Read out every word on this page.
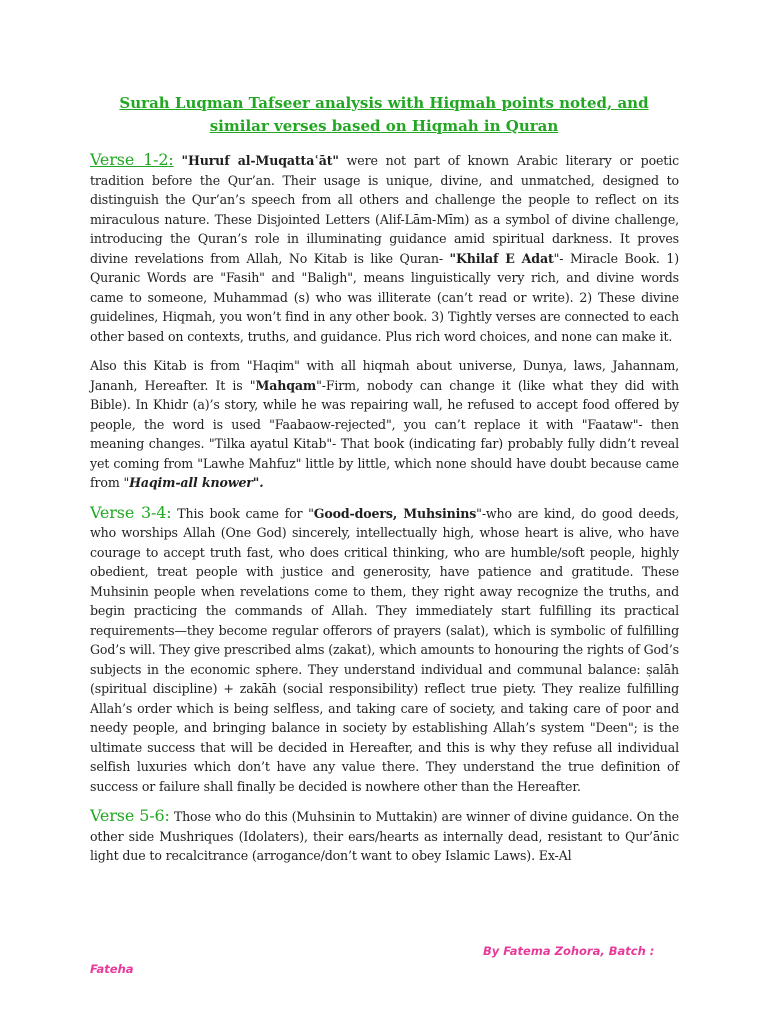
Surah Luqman Tafseer analysis with Hiqmah points noted, and similar verses based on Hiqmah in Quran

Verse 1-2: "Huruf al-Muqattaʿāt" were not part of known Arabic literary or poetic tradition before the Qur’an. Their usage is unique, divine, and unmatched, designed to distinguish the Qur’an’s speech from all others and challenge the people to reflect on its miraculous nature. These Disjointed Letters (Alif-Lām-Mīm) as a symbol of divine challenge, introducing the Quran’s role in illuminating guidance amid spiritual darkness. It proves divine revelations from Allah, No Kitab is like Quran- "Khilaf E Adat"- Miracle Book. 1) Quranic Words are "Fasih" and "Baligh", means linguistically very rich, and divine words came to someone, Muhammad (s) who was illiterate (can’t read or write). 2) These divine guidelines, Hiqmah, you won’t find in any other book. 3) Tightly verses are connected to each other based on contexts, truths, and guidance. Plus rich word choices, and none can make it.

Also this Kitab is from "Haqim" with all hiqmah about universe, Dunya, laws, Jahannam, Jananh, Hereafter. It is "Mahqam"-Firm, nobody can change it (like what they did with Bible). In Khidr (a)’s story, while he was repairing wall, he refused to accept food offered by people, the word is used "Faabaow-rejected", you can’t replace it with "Faataw"- then meaning changes. "Tilka ayatul Kitab"- That book (indicating far) probably fully didn’t reveal yet coming from "Lawhe Mahfuz" little by little, which none should have doubt because came from "Haqim-all knower".

Verse 3-4: This book came for "Good-doers, Muhsinins"-who are kind, do good deeds, who worships Allah (One God) sincerely, intellectually high, whose heart is alive, who have courage to accept truth fast, who does critical thinking, who are humble/soft people, highly obedient, treat people with justice and generosity, have patience and gratitude. These Muhsinin people when revelations come to them, they right away recognize the truths, and begin practicing the commands of Allah. They immediately start fulfilling its practical requirements—they become regular offerors of prayers (salat), which is symbolic of fulfilling God’s will. They give prescribed alms (zakat), which amounts to honouring the rights of God’s subjects in the economic sphere. They understand individual and communal balance: ṣalāh (spiritual discipline) + zakāh (social responsibility) reflect true piety. They realize fulfilling Allah’s order which is being selfless, and taking care of society, and taking care of poor and needy people, and bringing balance in society by establishing Allah’s system "Deen"; is the ultimate success that will be decided in Hereafter, and this is why they refuse all individual selfish luxuries which don’t have any value there. They understand the true definition of success or failure shall finally be decided is nowhere other than the Hereafter.

Verse 5-6: Those who do this (Muhsinin to Muttakin) are winner of divine guidance. On the other side Mushriques (Idolaters), their ears/hearts as internally dead, resistant to Qur’ānic light due to recalcitrance (arrogance/don’t want to obey Islamic Laws). Ex-Al

By Fatema Zohora, Batch :
Fateha
